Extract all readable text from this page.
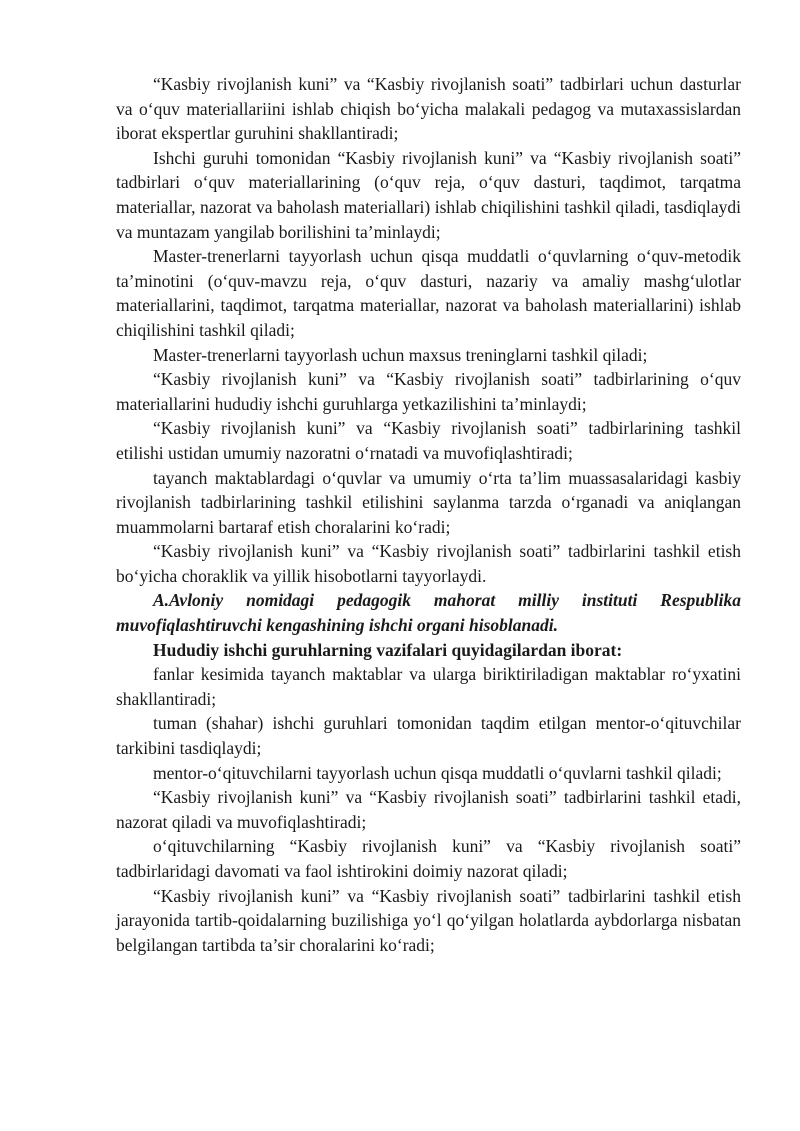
“Kasbiy rivojlanish kuni” va “Kasbiy rivojlanish soati” tadbirlari uchun dasturlar va o‘quv materiallariini ishlab chiqish bo‘yicha malakali pedagog va mutaxassislardan iborat ekspertlar guruhini shakllantiradi;

Ishchi guruhi tomonidan “Kasbiy rivojlanish kuni” va “Kasbiy rivojlanish soati” tadbirlari o‘quv materiallarining (o‘quv reja, o‘quv dasturi, taqdimot, tarqatma materiallar, nazorat va baholash materiallari) ishlab chiqilishini tashkil qiladi, tasdiqlaydi va muntazam yangilab borilishini ta’minlaydi;

Master-trenerlarni tayyorlash uchun qisqa muddatli o‘quvlarning o‘quv-metodik ta’minotini (o‘quv-mavzu reja, o‘quv dasturi, nazariy va amaliy mashg‘ulotlar materiallarini, taqdimot, tarqatma materiallar, nazorat va baholash materiallarini) ishlab chiqilishini tashkil qiladi;

Master-trenerlarni tayyorlash uchun maxsus treninglarni tashkil qiladi;

“Kasbiy rivojlanish kuni” va “Kasbiy rivojlanish soati” tadbirlarining o‘quv materiallarini hududiy ishchi guruhlarga yetkazilishini ta’minlaydi;

“Kasbiy rivojlanish kuni” va “Kasbiy rivojlanish soati” tadbirlarining tashkil etilishi ustidan umumiy nazoratni o‘rnatadi va muvofiqlashtiradi;

tayanch maktablardagi o‘quvlar va umumiy o‘rta ta’lim muassasalaridagi kasbiy rivojlanish tadbirlarining tashkil etilishini saylanma tarzda o‘rganadi va aniqlangan muammolarni bartaraf etish choralarini ko‘radi;

“Kasbiy rivojlanish kuni” va “Kasbiy rivojlanish soati” tadbirlarini tashkil etish bo‘yicha choraklik va yillik hisobotlarni tayyorlaydi.

A.Avloniy nomidagi pedagogik mahorat milliy instituti Respublika muvofiqlashtiruvchi kengashining ishchi organi hisoblanadi.

Hududiy ishchi guruhlarning vazifalari quyidagilardan iborat:

fanlar kesimida tayanch maktablar va ularga biriktiriladigan maktablar ro‘yxatini shakllantiradi;

tuman (shahar) ishchi guruhlari tomonidan taqdim etilgan mentor-o‘qituvchilar tarkibini tasdiqlaydi;

mentor-o‘qituvchilarni tayyorlash uchun qisqa muddatli o‘quvlarni tashkil qiladi;

“Kasbiy rivojlanish kuni” va “Kasbiy rivojlanish soati” tadbirlarini tashkil etadi, nazorat qiladi va muvofiqlashtiradi;

o‘qituvchilarning “Kasbiy rivojlanish kuni” va “Kasbiy rivojlanish soati” tadbirlaridagi davomati va faol ishtirokini doimiy nazorat qiladi;

“Kasbiy rivojlanish kuni” va “Kasbiy rivojlanish soati” tadbirlarini tashkil etish jarayonida tartib-qoidalarning buzilishiga yo‘l qo‘yilgan holatlarda aybdorlarga nisbatan belgilangan tartibda ta’sir choralarini ko‘radi;
